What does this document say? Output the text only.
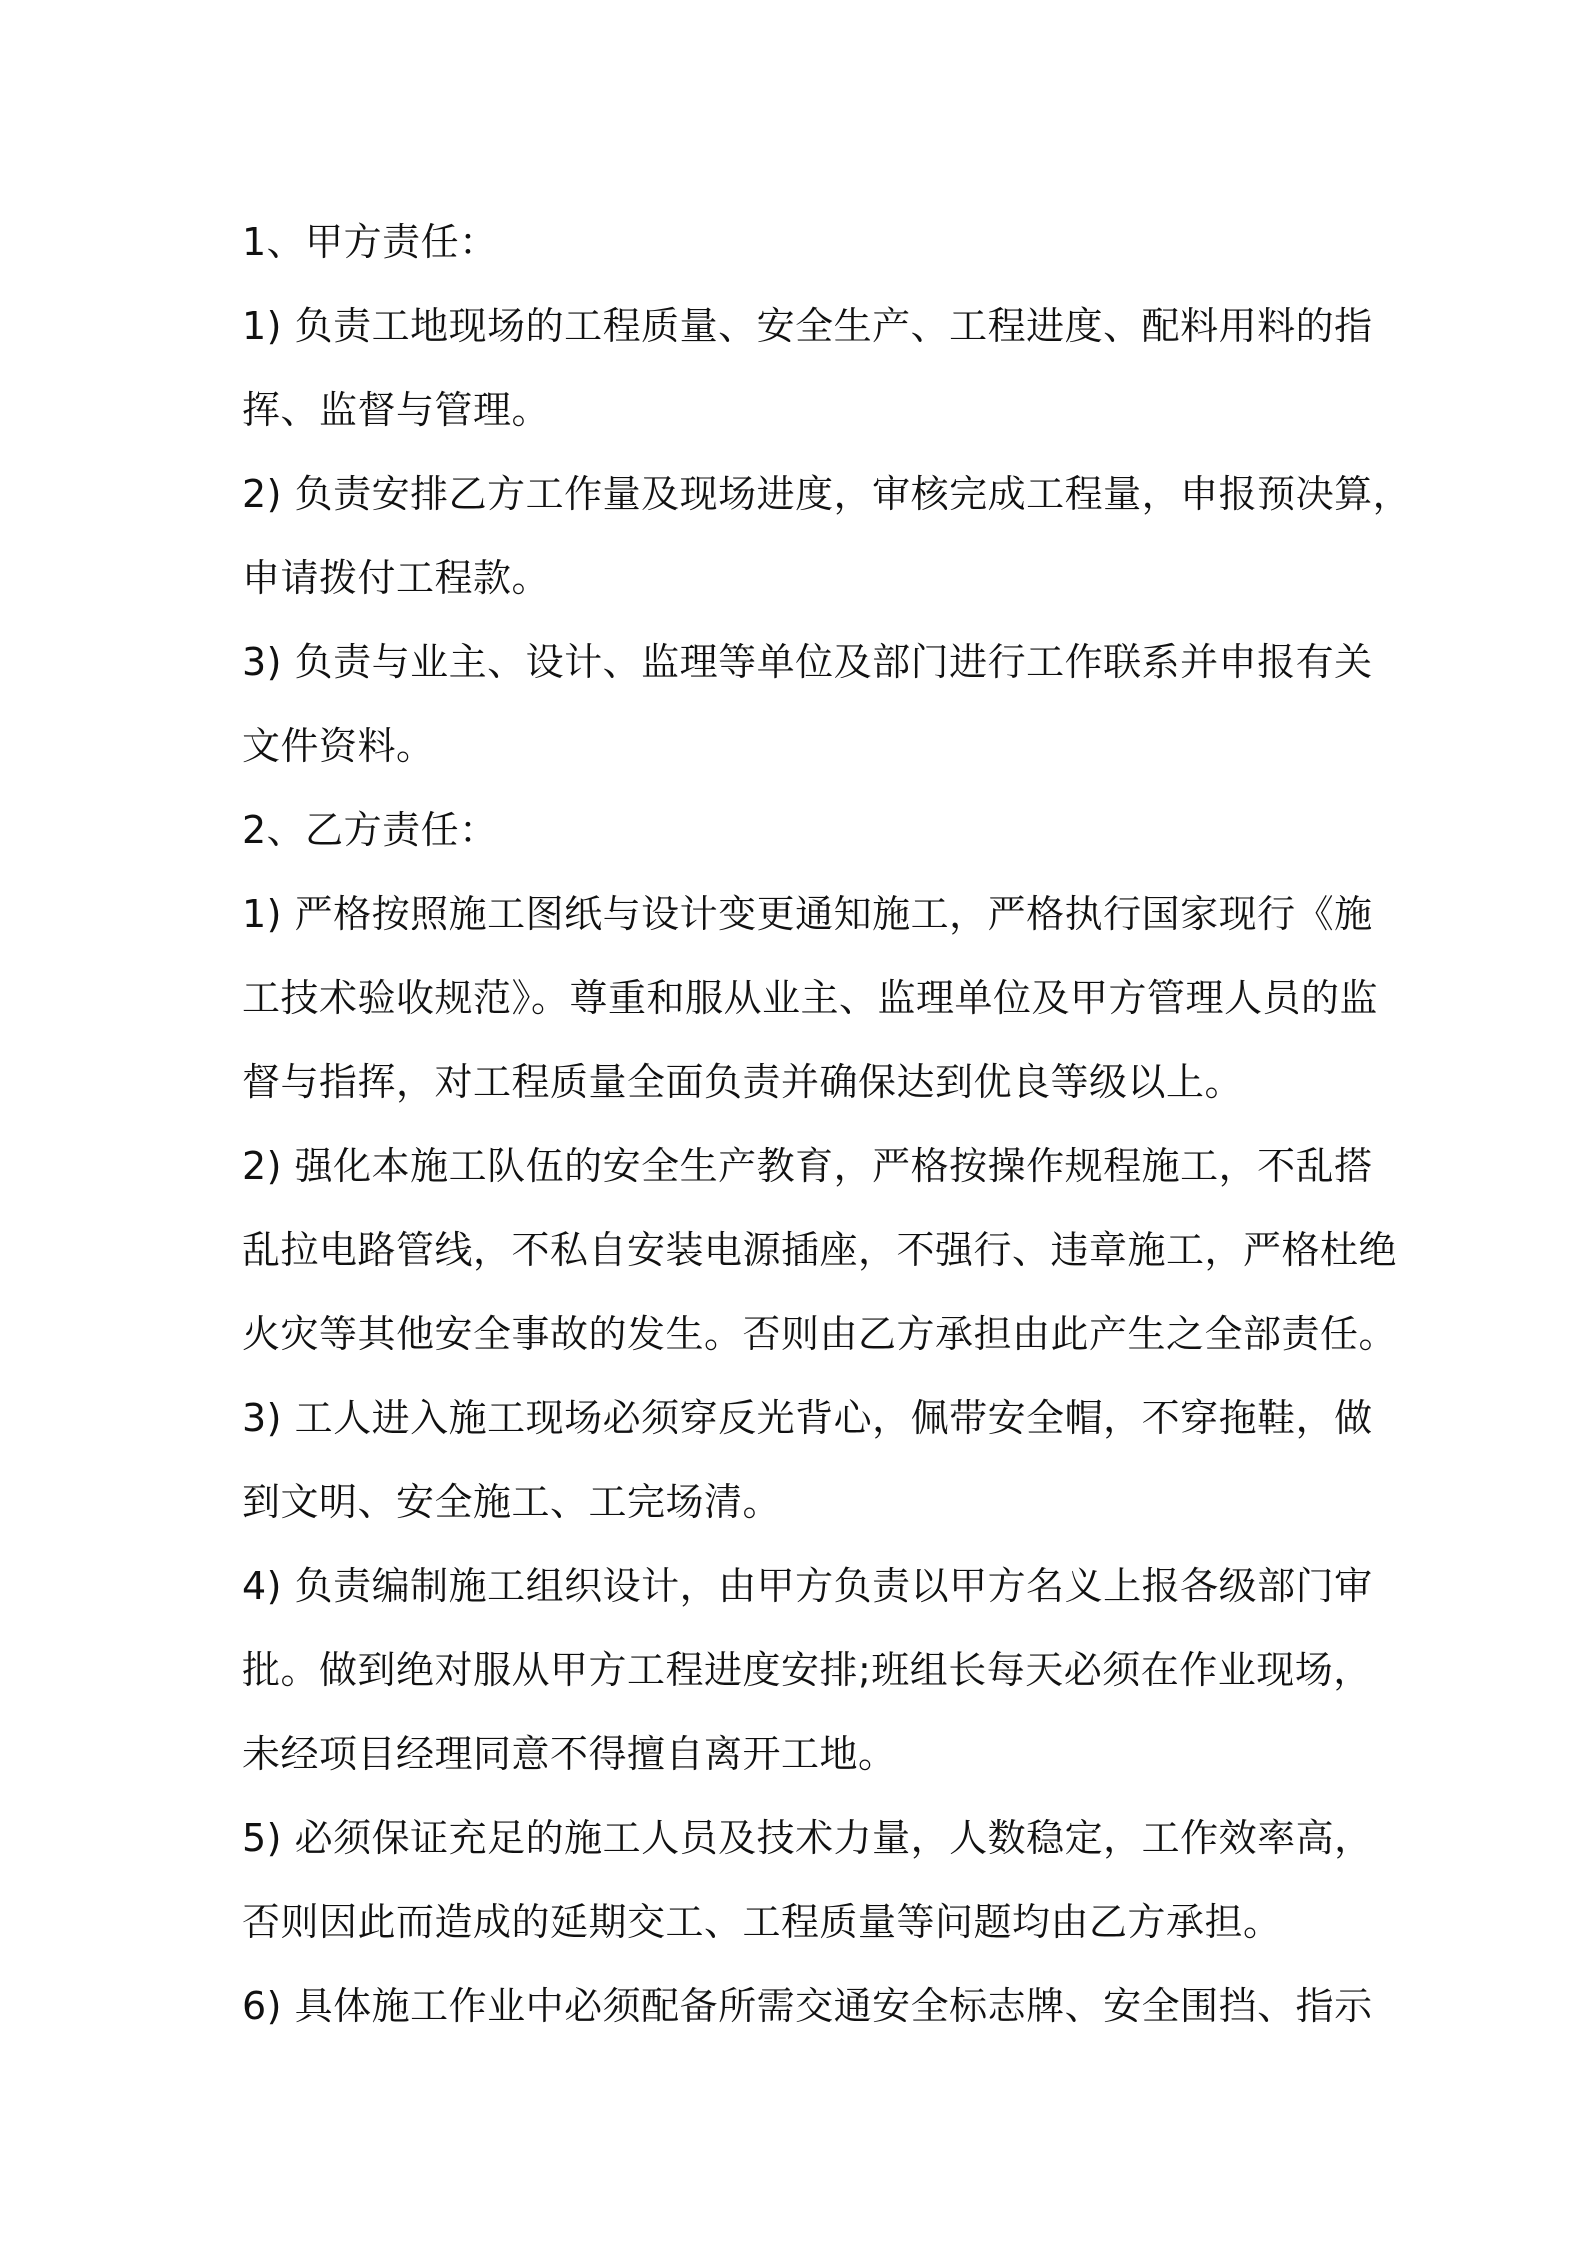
1、甲方责任：
1) 负责工地现场的工程质量、安全生产、工程进度、配料用料的指
挥、监督与管理。
2) 负责安排乙方工作量及现场进度，审核完成工程量，申报预决算，
申请拨付工程款。
3) 负责与业主、设计、监理等单位及部门进行工作联系并申报有关
文件资料。
2、乙方责任：
1) 严格按照施工图纸与设计变更通知施工，严格执行国家现行《施
工技术验收规范》。尊重和服从业主、监理单位及甲方管理人员的监
督与指挥，对工程质量全面负责并确保达到优良等级以上。
2) 强化本施工队伍的安全生产教育，严格按操作规程施工，不乱搭
乱拉电路管线，不私自安装电源插座，不强行、违章施工，严格杜绝
火灾等其他安全事故的发生。否则由乙方承担由此产生之全部责任。
3) 工人进入施工现场必须穿反光背心，佩带安全帽，不穿拖鞋，做
到文明、安全施工、工完场清。
4) 负责编制施工组织设计，由甲方负责以甲方名义上报各级部门审
批。做到绝对服从甲方工程进度安排;班组长每天必须在作业现场，
未经项目经理同意不得擅自离开工地。
5) 必须保证充足的施工人员及技术力量，人数稳定，工作效率高，
否则因此而造成的延期交工、工程质量等问题均由乙方承担。
6) 具体施工作业中必须配备所需交通安全标志牌、安全围挡、指示
